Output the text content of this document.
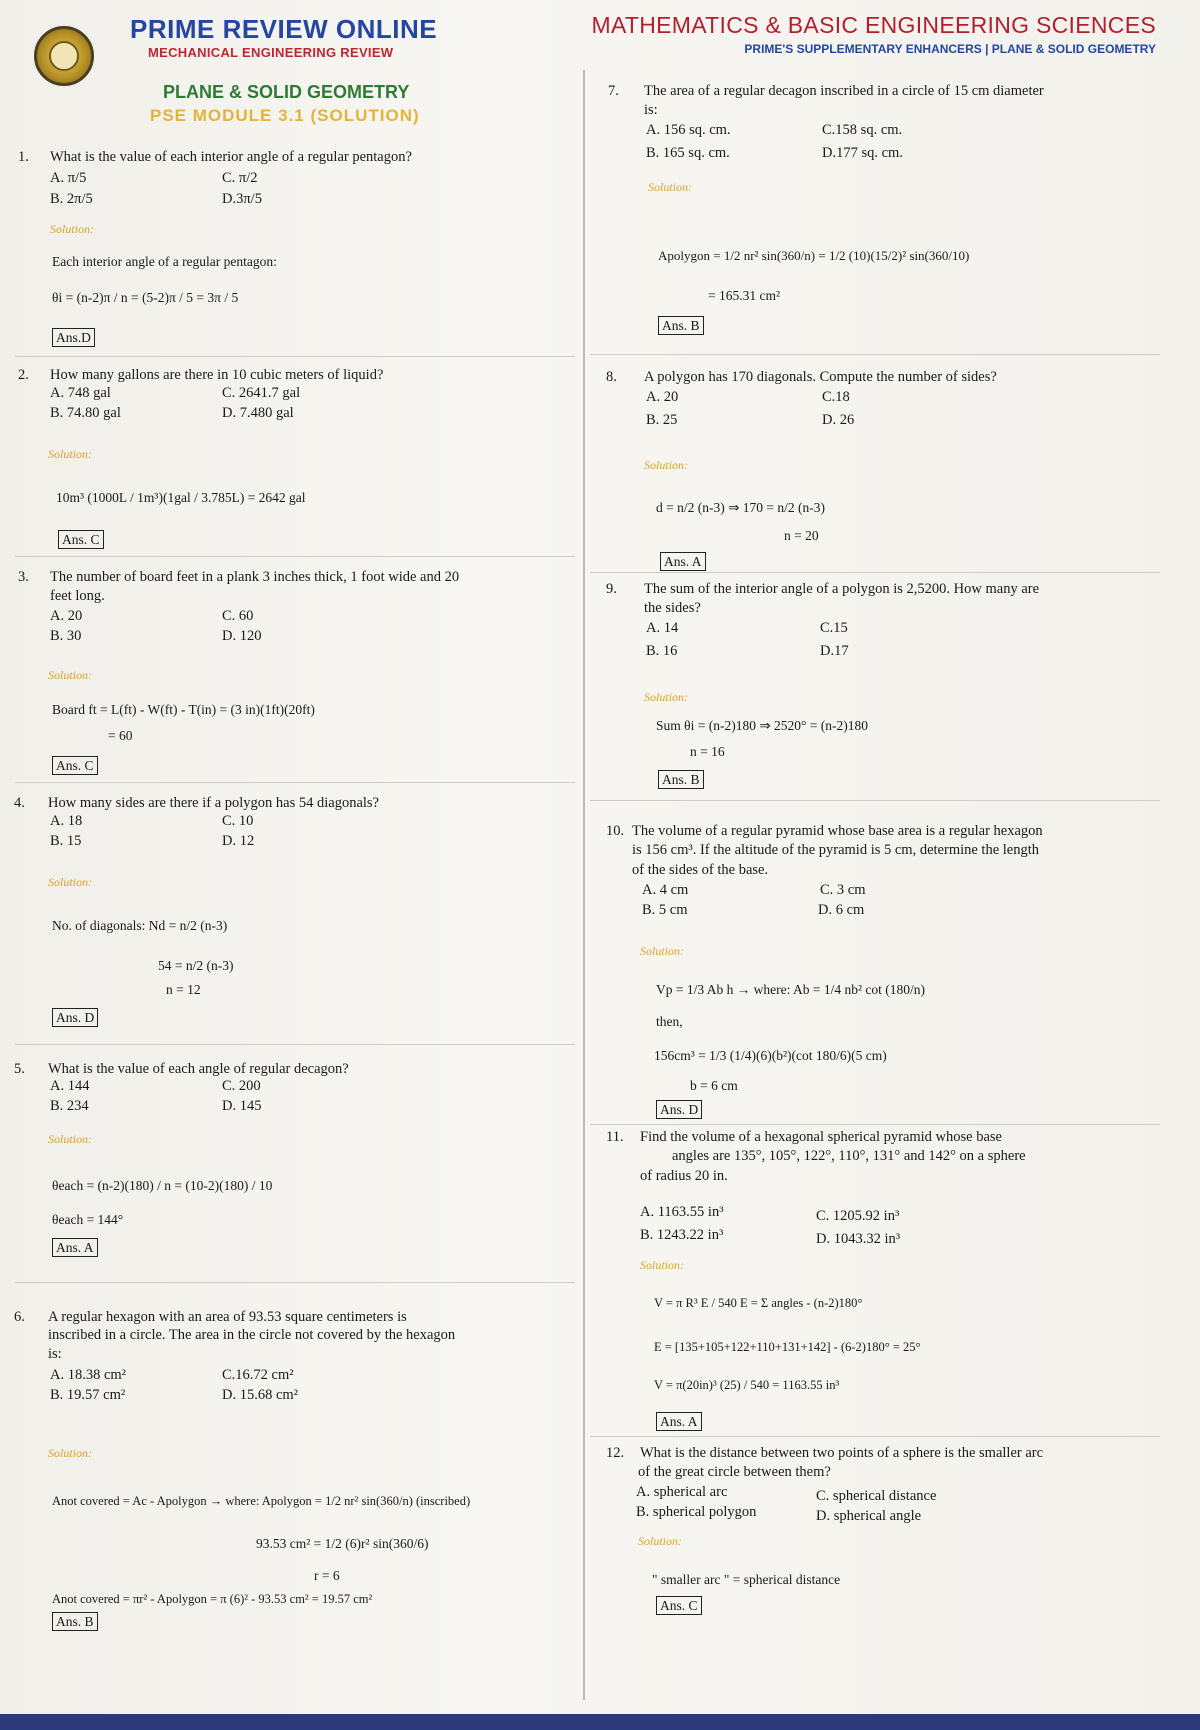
PRIME REVIEW ONLINE
MECHANICAL ENGINEERING REVIEW
MATHEMATICS & BASIC ENGINEERING SCIENCES
PRIME'S SUPPLEMENTARY ENHANCERS | PLANE & SOLID GEOMETRY
PLANE & SOLID GEOMETRY
PSE MODULE 3.1 (SOLUTION)
1. What is the value of each interior angle of a regular pentagon?
A. π/5
B. 2π/5
C. π/2
D.3π/5
Solution:
Each interior angle of a regular pentagon:
θi = (n-2)π / n = (5-2)π / 5 = 3π / 5
Ans.D
2. How many gallons are there in 10 cubic meters of liquid?
A. 748 gal
B. 74.80 gal
C. 2641.7 gal
D. 7.480 gal
Solution:
10m³ (1000L / 1m³)(1gal / 3.785L) = 2642 gal
Ans. C
3. The number of board feet in a plank 3 inches thick, 1 foot wide and 20
feet long.
A. 20
B. 30
C. 60
D. 120
Solution:
Board ft = L(ft) - W(ft) - T(in) = (3 in)(1ft)(20ft)
= 60
Ans. C
4. How many sides are there if a polygon has 54 diagonals?
A. 18
B. 15
C. 10
D. 12
Solution:
No. of diagonals: Nd = n/2 (n-3)
54 = n/2 (n-3)
n = 12
Ans. D
5. What is the value of each angle of regular decagon?
A. 144
B. 234
C. 200
D. 145
Solution:
θeach = (n-2)(180) / n = (10-2)(180) / 10
θeach = 144°
Ans. A
6. A regular hexagon with an area of 93.53 square centimeters is
inscribed in a circle. The area in the circle not covered by the hexagon
is:
A. 18.38 cm²
B. 19.57 cm²
C.16.72 cm²
D. 15.68 cm²
Solution:
Anot covered = Ac - Apolygon → where: Apolygon = 1/2 nr² sin(360/n) (inscribed)
93.53 cm² = 1/2 (6)r² sin(360/6)
r = 6
Anot covered = πr² - Apolygon = π (6)² - 93.53 cm² = 19.57 cm²
Ans. B
7. The area of a regular decagon inscribed in a circle of 15 cm diameter
is:
A. 156 sq. cm.
B. 165 sq. cm.
C.158 sq. cm.
D.177 sq. cm.
Solution:
Apolygon = 1/2 nr² sin(360/n) = 1/2 (10)(15/2)² sin(360/10)
= 165.31 cm²
Ans. B
8. A polygon has 170 diagonals. Compute the number of sides?
A. 20
B. 25
C.18
D. 26
Solution:
d = n/2 (n-3) ⇒ 170 = n/2 (n-3)
n = 20
Ans. A
9. The sum of the interior angle of a polygon is 2,5200. How many are
the sides?
A. 14
B. 16
C.15
D.17
Solution:
Sum θi = (n-2)180 ⇒ 2520° = (n-2)180
n = 16
Ans. B
10. The volume of a regular pyramid whose base area is a regular hexagon
is 156 cm³. If the altitude of the pyramid is 5 cm, determine the length
of the sides of the base.
A. 4 cm
B. 5 cm
C. 3 cm
D. 6 cm
Solution:
Vp = 1/3 Ab h → where: Ab = 1/4 nb² cot (180/n)
then,
156cm³ = 1/3 (1/4)(6)(b²)(cot 180/6)(5 cm)
b = 6 cm
Ans. D
11. Find the volume of a hexagonal spherical pyramid whose base
angles are 135°, 105°, 122°, 110°, 131° and 142° on a sphere
of radius 20 in.
A. 1163.55 in³
B. 1243.22 in³
C. 1205.92 in³
D. 1043.32 in³
Solution:
V = π R³ E / 540 E = Σ angles - (n-2)180°
E = [135+105+122+110+131+142] - (6-2)180° = 25°
V = π(20in)³ (25) / 540 = 1163.55 in³
Ans. A
12. What is the distance between two points of a sphere is the smaller arc
of the great circle between them?
A. spherical arc
B. spherical polygon
C. spherical distance
D. spherical angle
Solution:
" smaller arc " = spherical distance
Ans. C
